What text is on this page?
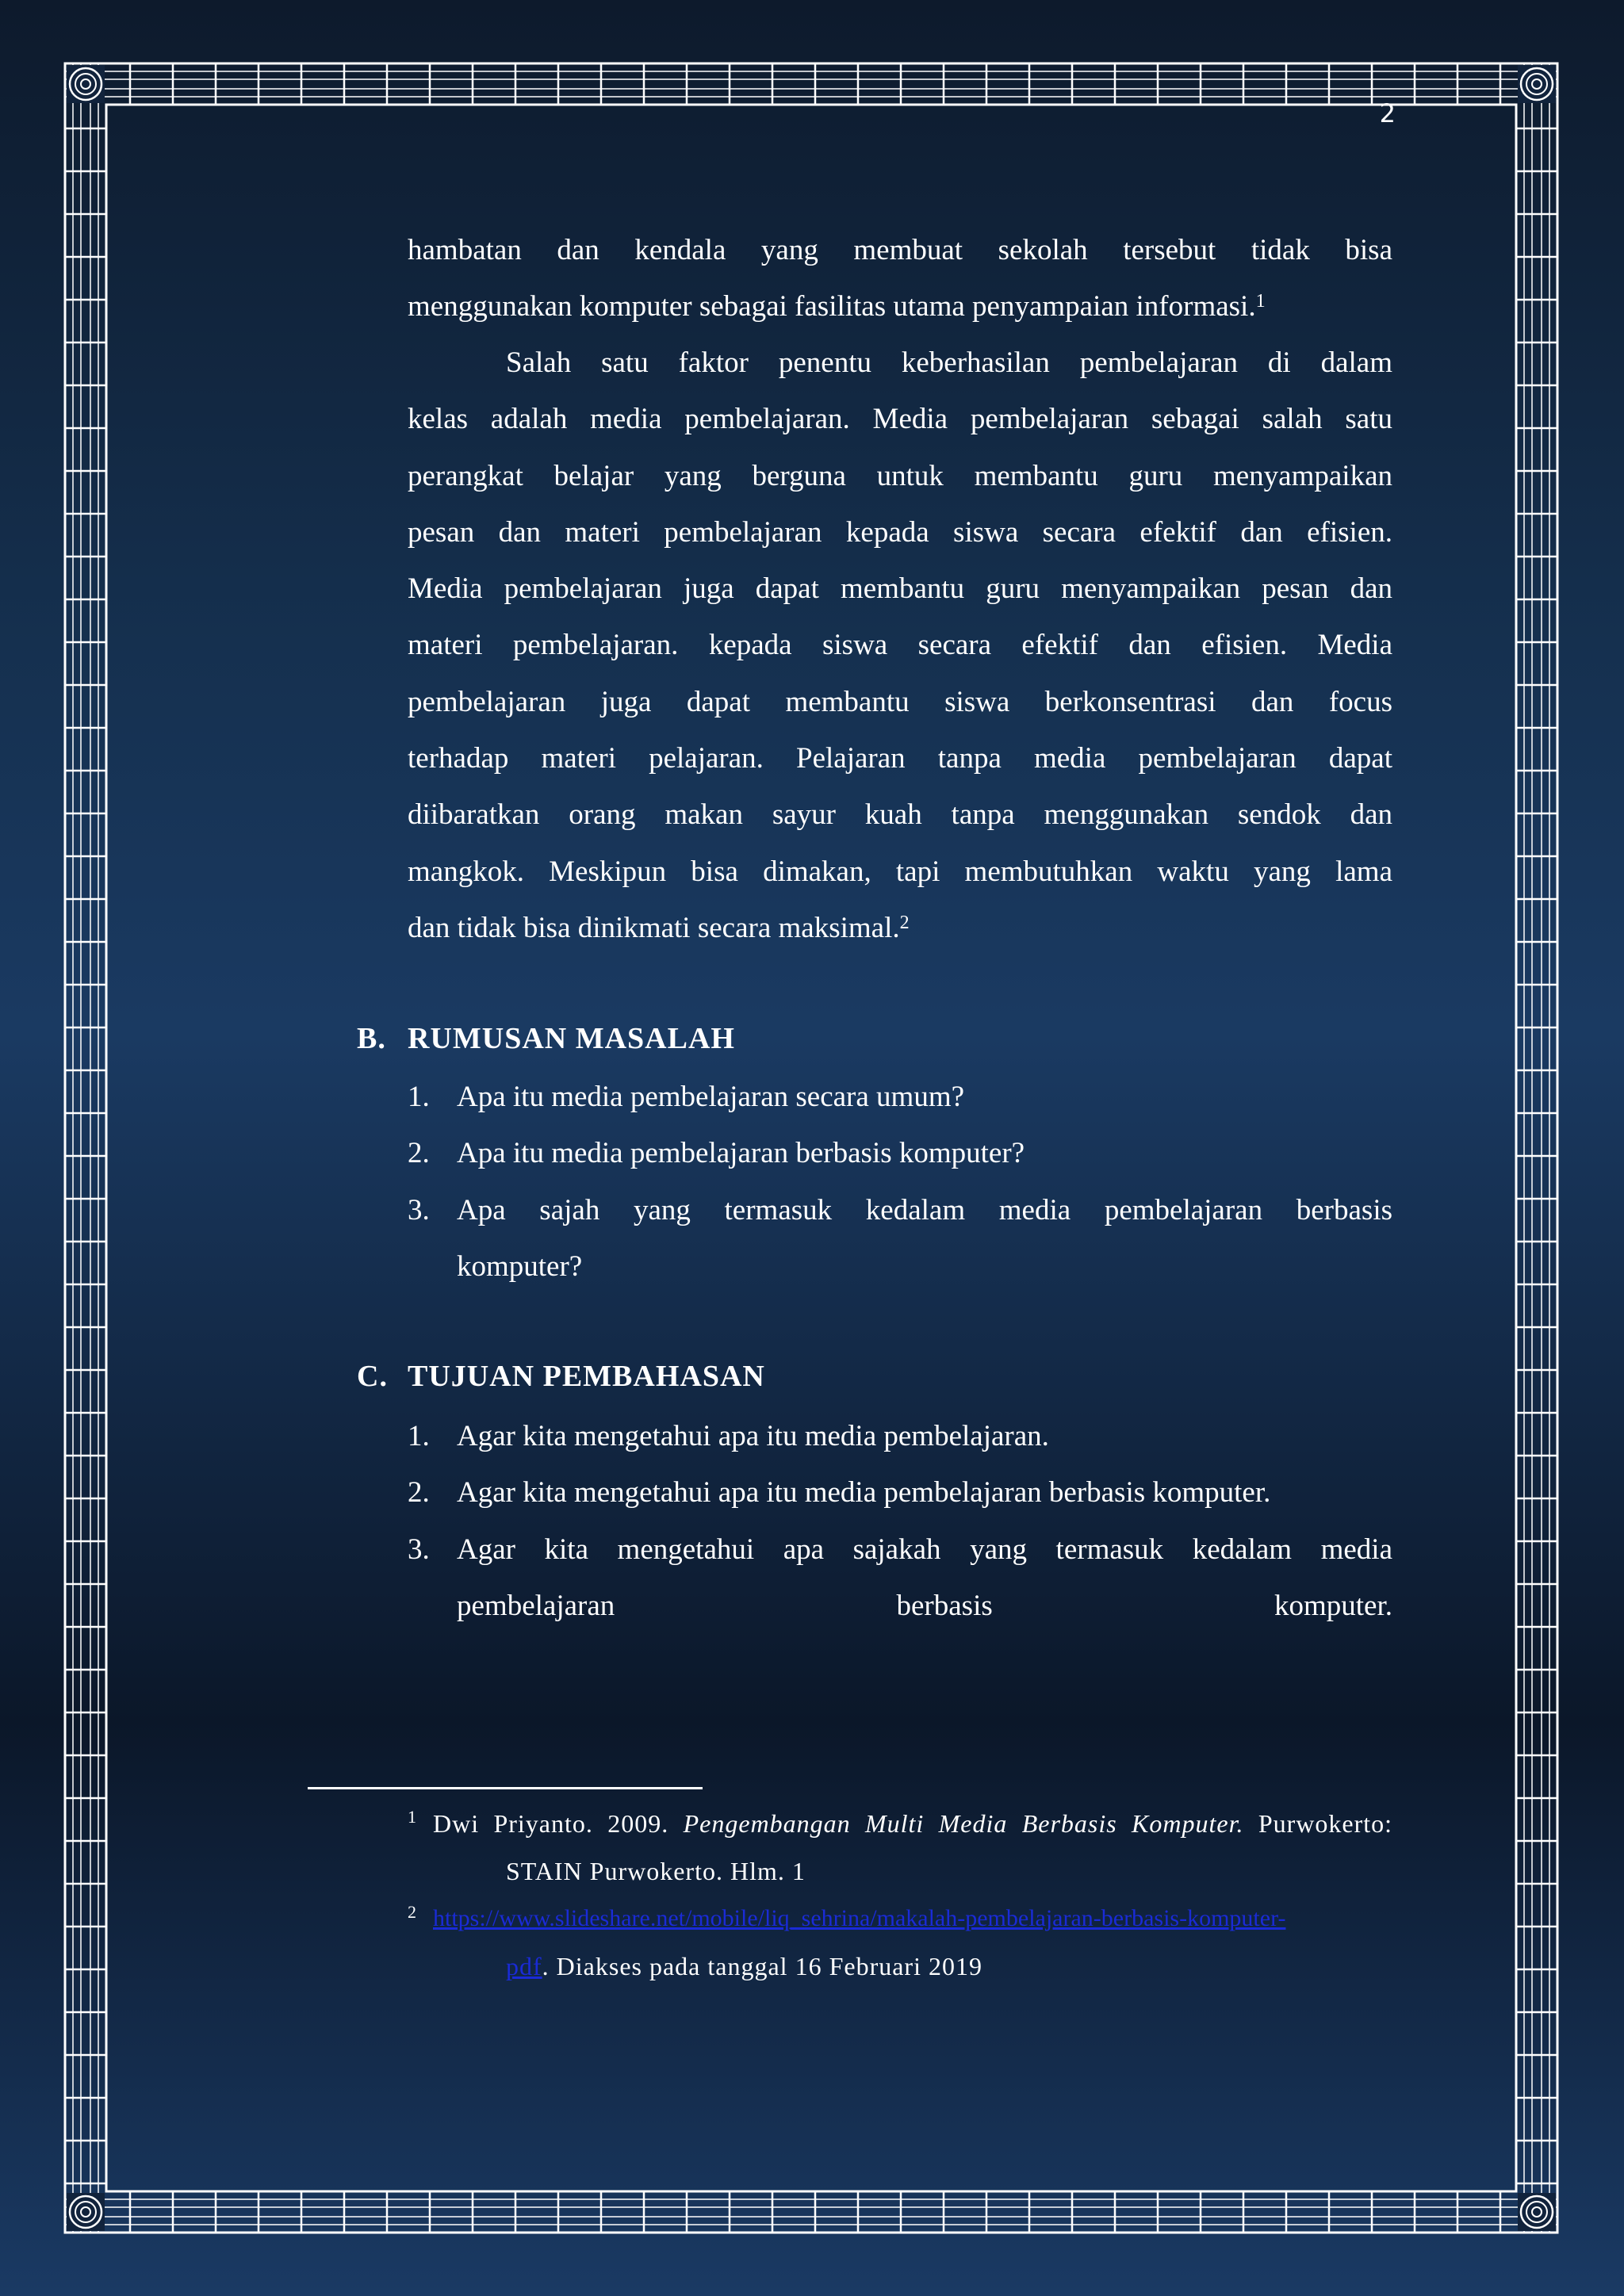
2
hambatan dan kendala yang membuat sekolah tersebut tidak bisa
menggunakan komputer sebagai fasilitas utama penyampaian informasi.$^1$
Salah satu faktor penentu keberhasilan pembelajaran di dalam
kelas adalah media pembelajaran. Media pembelajaran sebagai salah satu
perangkat belajar yang berguna untuk membantu guru menyampaikan
pesan dan materi pembelajaran kepada siswa secara efektif dan efisien.
Media pembelajaran juga dapat membantu guru menyampaikan pesan dan
materi pembelajaran. kepada siswa secara efektif dan efisien. Media
pembelajaran juga dapat membantu siswa berkonsentrasi dan focus
terhadap materi pelajaran. Pelajaran tanpa media pembelajaran dapat
diibaratkan orang makan sayur kuah tanpa menggunakan sendok dan
mangkok. Meskipun bisa dimakan, tapi membutuhkan waktu yang lama
dan tidak bisa dinikmati secara maksimal.$^2$
B. RUMUSAN MASALAH
1. Apa itu media pembelajaran secara umum?
2. Apa itu media pembelajaran berbasis komputer?
3. Apa sajah yang termasuk kedalam media pembelajaran berbasis
komputer?
C. TUJUAN PEMBAHASAN
1. Agar kita mengetahui apa itu media pembelajaran.
2. Agar kita mengetahui apa itu media pembelajaran berbasis komputer.
3. Agar kita mengetahui apa sajakah yang termasuk kedalam media
pembelajaran berbasis komputer.
1 Dwi Priyanto. 2009. Pengembangan Multi Media Berbasis Komputer. Purwokerto:
STAIN Purwokerto. Hlm. 1
2 https://www.slideshare.net/mobile/liq_sehrina/makalah-pembelajaran-berbasis-komputer-
pdf. Diakses pada tanggal 16 Februari 2019
